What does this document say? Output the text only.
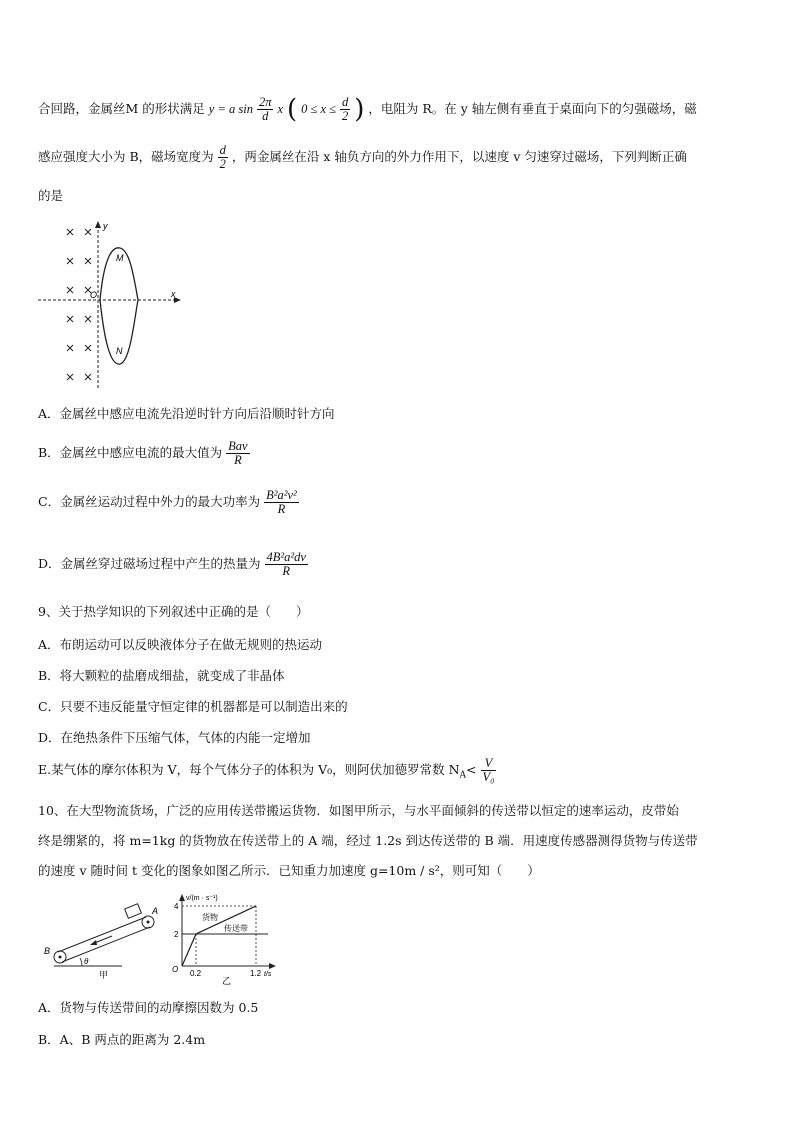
合回路，金属丝M 的形状满足 y = a $\sin \frac{2\pi}{d}$ x ( $0 \le x \le \frac{d}{2}$ ) ，电阻为 R。在 y 轴左侧有垂直于桌面向下的匀强磁场，磁
感应强度大小为 B，磁场宽度为 $\frac{d}{2}$ ，两金属丝在沿 x 轴负方向的外力作用下，以速度 v 匀速穿过磁场，下列判断正确
的是
y
x
O
M
N
A．金属丝中感应电流先沿逆时针方向后沿顺时针方向
B．金属丝中感应电流的最大值为 $\frac{\text{Bav}}{R}$
C．金属丝运动过程中外力的最大功率为 $\frac{\text{B²a²v²}}{R}$
D．金属丝穿过磁场过程中产生的热量为 $\frac{\text{4B²a²dv}}{R}$
9、关于热学知识的下列叙述中正确的是（　　）
A．布朗运动可以反映液体分子在做无规则的热运动
B．将大颗粒的盐磨成细盐，就变成了非晶体
C．只要不违反能量守恒定律的机器都是可以制造出来的
D．在绝热条件下压缩气体，气体的内能一定增加
E.某气体的摩尔体积为 V，每个气体分子的体积为 V₀，则阿伏加德罗常数 $N_A< \frac{V}{\text{V₀}}$
10、在大型物流货场，广泛的应用传送带搬运货物．如图甲所示，与水平面倾斜的传送带以恒定的速率运动，皮带始
终是绷紧的，将 m=1kg 的货物放在传送带上的 A 端，经过 1.2s 到达传送带的 B 端．用速度传感器测得货物与传送带
的速度 v 随时间 t 变化的图象如图乙所示．已知重力加速度 g=10m / s²，则可知（　　）
A
B
θ
甲
v/(m · s⁻¹)
货物
传送带
4
2
O 0.2	1.2 t/s
乙
A．货物与传送带间的动摩擦因数为 0.5
B．A、B 两点的距离为 2.4m
